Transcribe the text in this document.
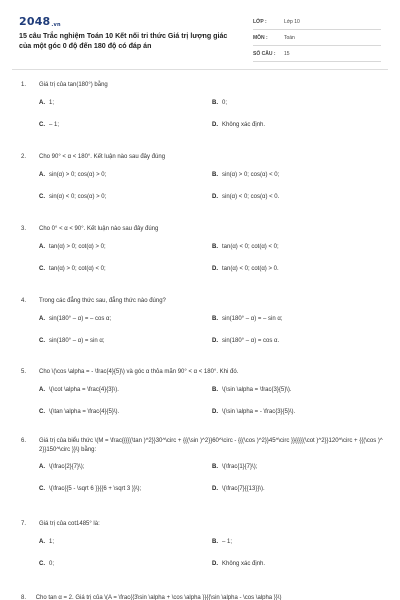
2048.vn
15 câu Trắc nghiệm Toán 10 Kết nối tri thức Giá trị lượng giác của một góc 0 độ đến 180 độ có đáp án
LỚP :	Lớp 10
MÔN :	Toán
SỐ CÂU : 15
1. Giá trị của tan(180°) bằng
A. 1;	B. 0;
C. – 1;	D. Không xác định.
2. Cho 90° < α < 180°. Kết luận nào sau đây đúng
A. sin(α) > 0; cos(α) > 0;	B. sin(α) > 0; cos(α) < 0;
C. sin(α) < 0; cos(α) > 0;	D. sin(α) < 0; cos(α) < 0.
3. Cho 0° < α < 90°. Kết luận nào sau đây đúng
A. tan(α) > 0; cot(α) > 0;	B. tan(α) < 0; cot(α) < 0;
C. tan(α) > 0; cot(α) < 0;	D. tan(α) < 0; cot(α) > 0.
4. Trong các đẳng thức sau, đẳng thức nào đúng?
A. sin(180° – α) = – cos α;	B. sin(180° – α) = – sin α;
C. sin(180° – α) = sin α;	D. sin(180° – α) = cos α.
5. Cho \(\cos \alpha = - \frac{4}{5}\) và góc α thỏa mãn 90° < α < 180°. Khi đó.
A. \(\cot \alpha = \frac{4}{3}\).	B. \(\sin \alpha = \frac{3}{5}\).
C. \(\tan \alpha = \frac{4}{5}\).	D. \(\sin \alpha = - \frac{3}{5}\).
6. Giá trị của biểu thức \(M = \frac{{{{(\tan )^2}}30^\circ + {{(\sin )^2}}60^\circ - {{(\cos )^2}}45^\circ }}{{{{(\cot )^2}}120^\circ + {{(\cos )^2}}150^\circ }}\) bằng:
A. \(\frac{2}{7}\);	B. \(\frac{1}{7}\);
C. \(\frac{{5 - \sqrt 6 }}{{6 + \sqrt 3 }}\);	D. \(\frac{7}{{13}}\).
7. Giá trị của cot1485° là:
A. 1;	B. – 1;
C. 0;	D. Không xác định.
8. Cho tan α = 2. Giá trị của \(A = \frac{{3\sin \alpha + \cos \alpha }}{{\sin \alpha - \cos \alpha }}\)
